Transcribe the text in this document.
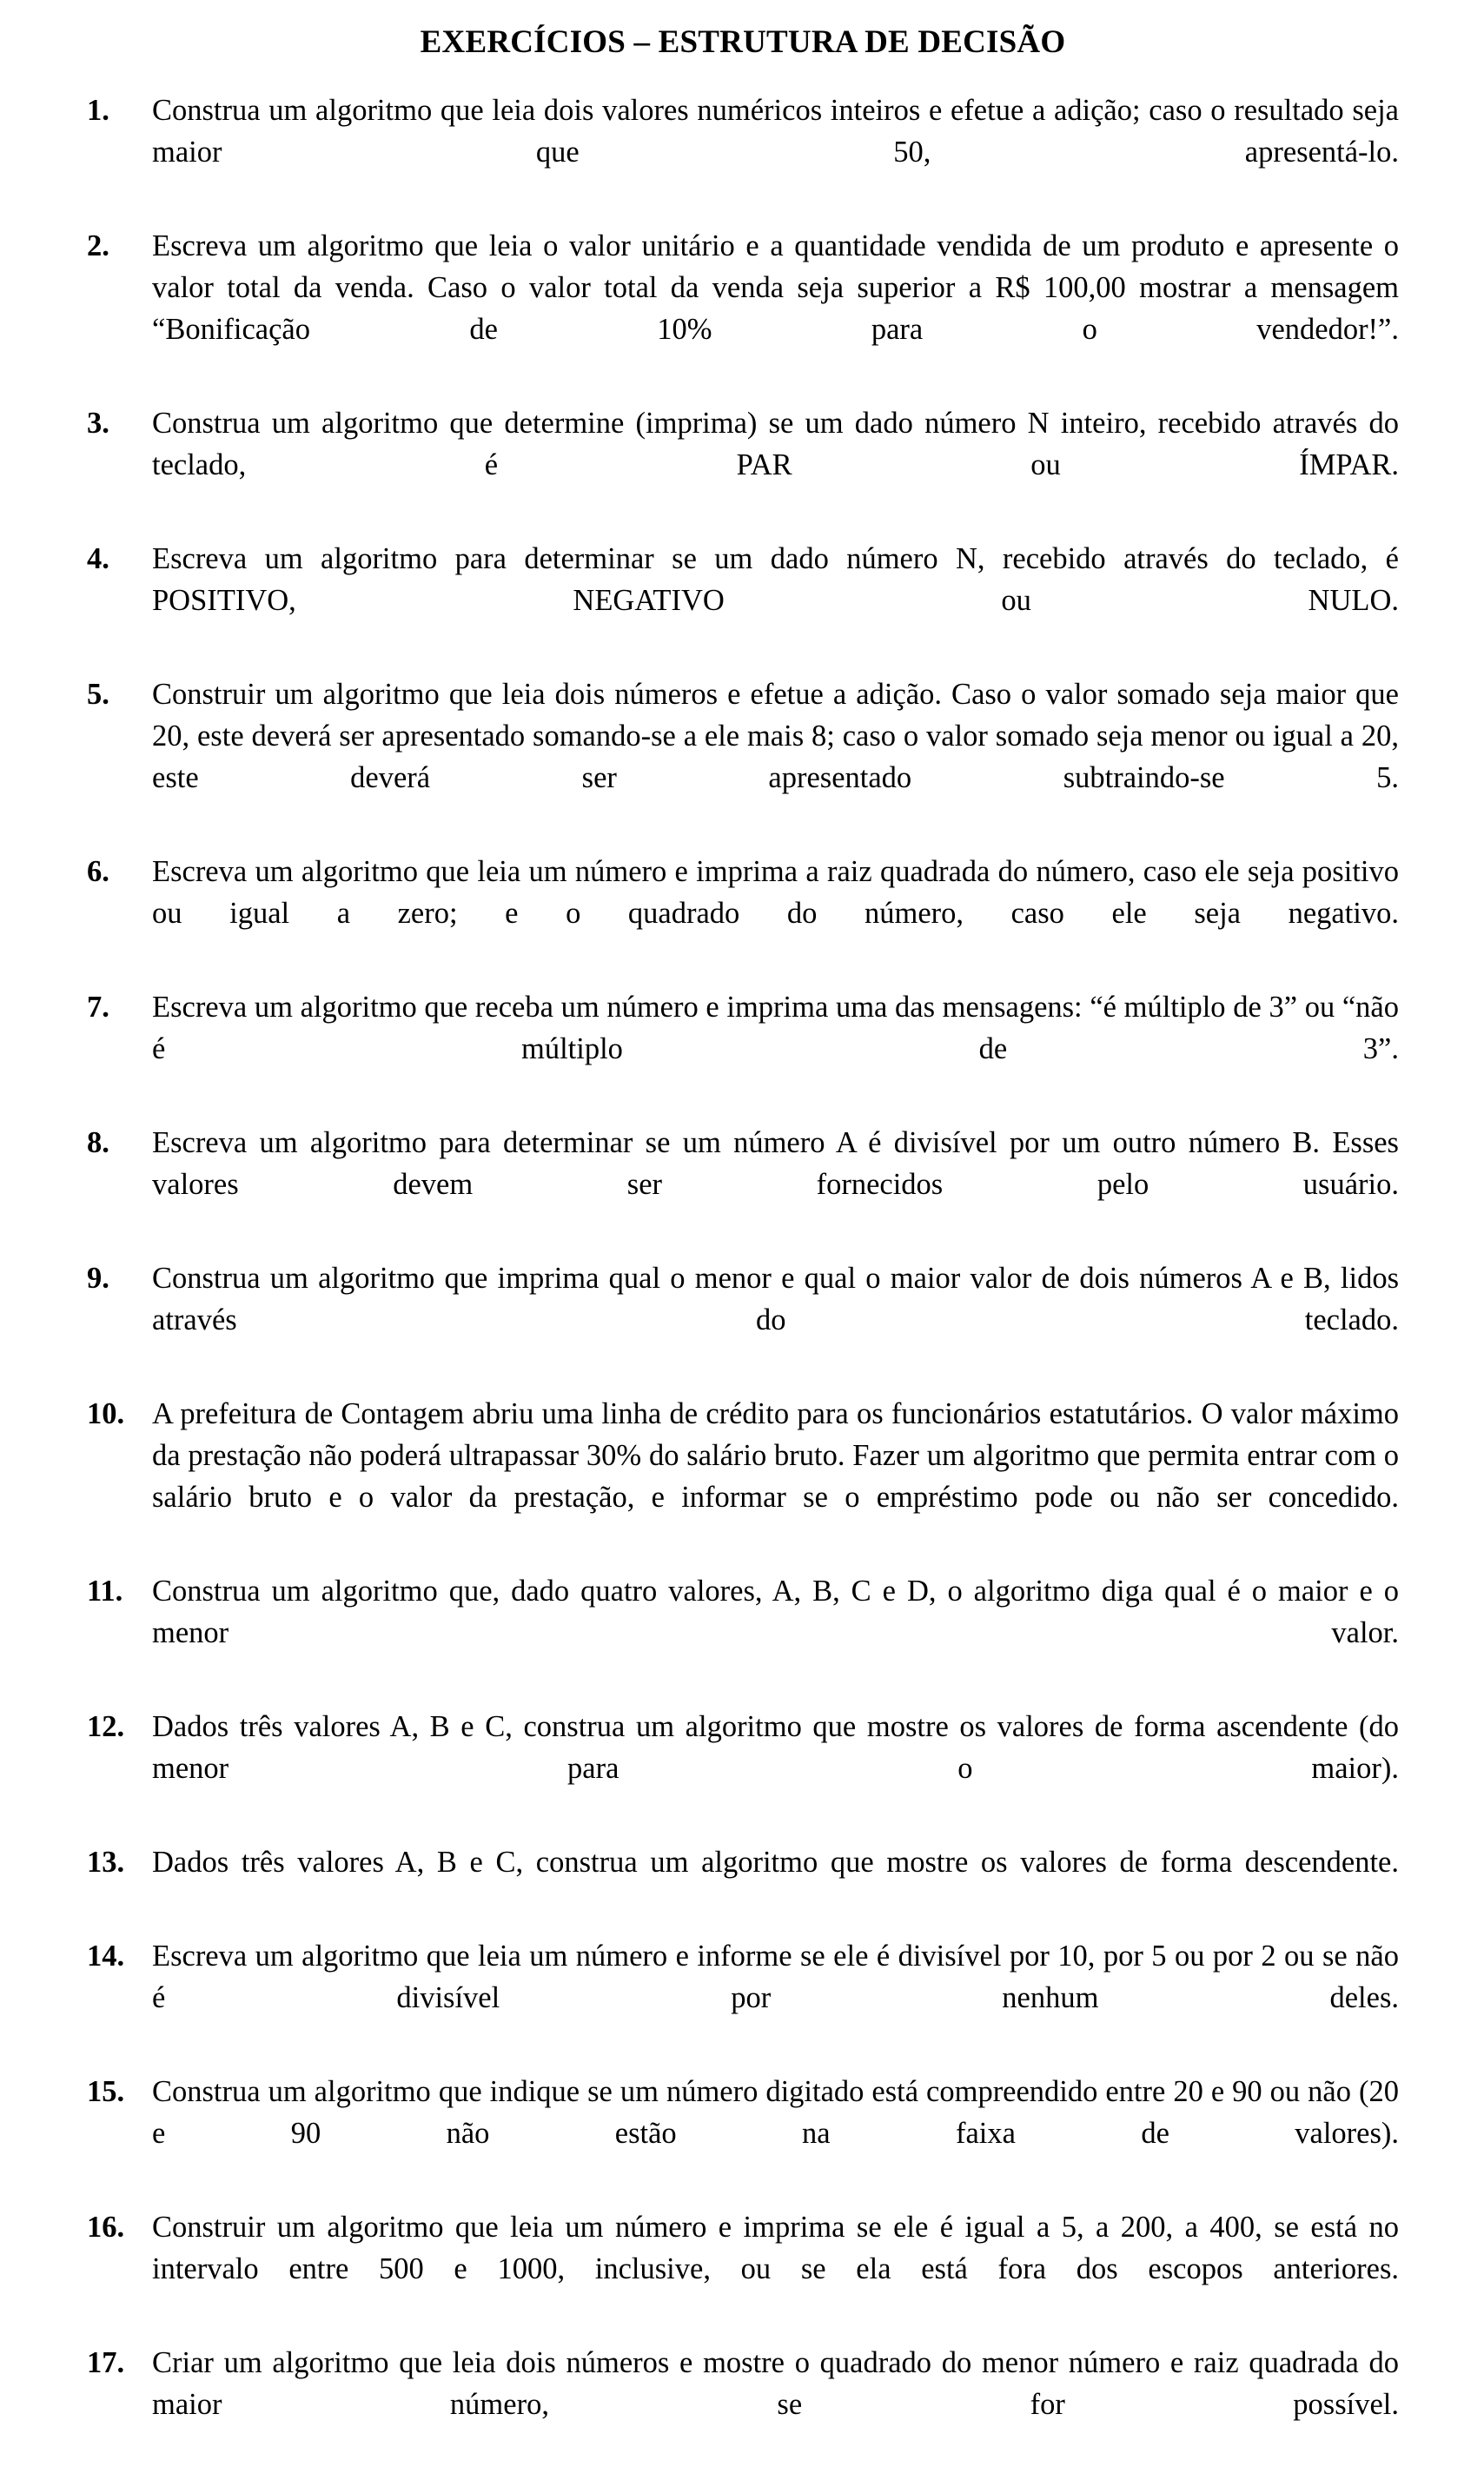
EXERCÍCIOS – ESTRUTURA DE DECISÃO
1. Construa um algoritmo que leia dois valores numéricos inteiros e efetue a adição; caso o resultado seja maior que 50, apresentá-lo.
2. Escreva um algoritmo que leia o valor unitário e a quantidade vendida de um produto e apresente o valor total da venda. Caso o valor total da venda seja superior a R$ 100,00 mostrar a mensagem “Bonificação de 10% para o vendedor!”.
3. Construa um algoritmo que determine (imprima) se um dado número N inteiro, recebido através do teclado, é PAR ou ÍMPAR.
4. Escreva um algoritmo para determinar se um dado número N, recebido através do teclado, é POSITIVO, NEGATIVO ou NULO.
5. Construir um algoritmo que leia dois números e efetue a adição. Caso o valor somado seja maior que 20, este deverá ser apresentado somando-se a ele mais 8; caso o valor somado seja menor ou igual a 20, este deverá ser apresentado subtraindo-se 5.
6. Escreva um algoritmo que leia um número e imprima a raiz quadrada do número, caso ele seja positivo ou igual a zero; e o quadrado do número, caso ele seja negativo.
7. Escreva um algoritmo que receba um número e imprima uma das mensagens: “é múltiplo de 3” ou “não é múltiplo de 3”.
8. Escreva um algoritmo para determinar se um número A é divisível por um outro número B. Esses valores devem ser fornecidos pelo usuário.
9. Construa um algoritmo que imprima qual o menor e qual o maior valor de dois números A e B, lidos através do teclado.
10. A prefeitura de Contagem abriu uma linha de crédito para os funcionários estatutários. O valor máximo da prestação não poderá ultrapassar 30% do salário bruto. Fazer um algoritmo que permita entrar com o salário bruto e o valor da prestação, e informar se o empréstimo pode ou não ser concedido.
11. Construa um algoritmo que, dado quatro valores, A, B, C e D, o algoritmo diga qual é o maior e o menor valor.
12. Dados três valores A, B e C, construa um algoritmo que mostre os valores de forma ascendente (do menor para o maior).
13. Dados três valores A, B e C, construa um algoritmo que mostre os valores de forma descendente.
14. Escreva um algoritmo que leia um número e informe se ele é divisível por 10, por 5 ou por 2 ou se não é divisível por nenhum deles.
15. Construa um algoritmo que indique se um número digitado está compreendido entre 20 e 90 ou não (20 e 90 não estão na faixa de valores).
16. Construir um algoritmo que leia um número e imprima se ele é igual a 5, a 200, a 400, se está no intervalo entre 500 e 1000, inclusive, ou se ela está fora dos escopos anteriores.
17. Criar um algoritmo que leia dois números e mostre o quadrado do menor número e raiz quadrada do maior número, se for possível.
